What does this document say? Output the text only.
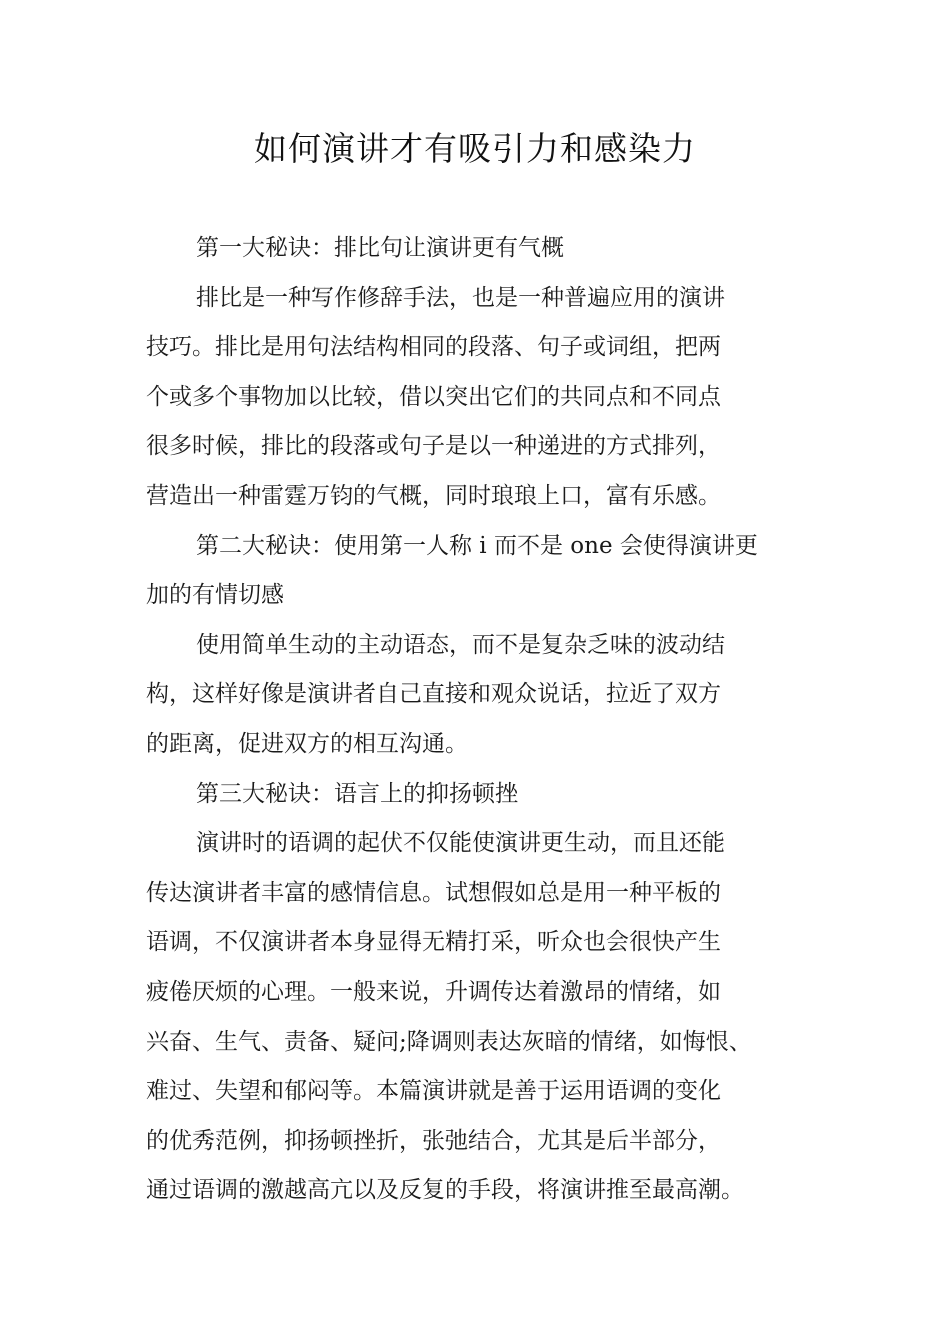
如何演讲才有吸引力和感染力
第一大秘诀：排比句让演讲更有气概
排比是一种写作修辞手法，也是一种普遍应用的演讲
技巧。排比是用句法结构相同的段落、句子或词组，把两
个或多个事物加以比较，借以突出它们的共同点和不同点
很多时候，排比的段落或句子是以一种递进的方式排列，
营造出一种雷霆万钧的气概，同时琅琅上口，富有乐感。
第二大秘诀：使用第一人称 i 而不是 one 会使得演讲更
加的有情切感
使用简单生动的主动语态，而不是复杂乏味的波动结
构，这样好像是演讲者自己直接和观众说话，拉近了双方
的距离，促进双方的相互沟通。
第三大秘诀：语言上的抑扬顿挫
演讲时的语调的起伏不仅能使演讲更生动，而且还能
传达演讲者丰富的感情信息。试想假如总是用一种平板的
语调，不仅演讲者本身显得无精打采，听众也会很快产生
疲倦厌烦的心理。一般来说，升调传达着激昂的情绪，如
兴奋、生气、责备、疑问;降调则表达灰暗的情绪，如悔恨、
难过、失望和郁闷等。本篇演讲就是善于运用语调的变化
的优秀范例，抑扬顿挫折，张弛结合，尤其是后半部分，
通过语调的激越高亢以及反复的手段，将演讲推至最高潮。
